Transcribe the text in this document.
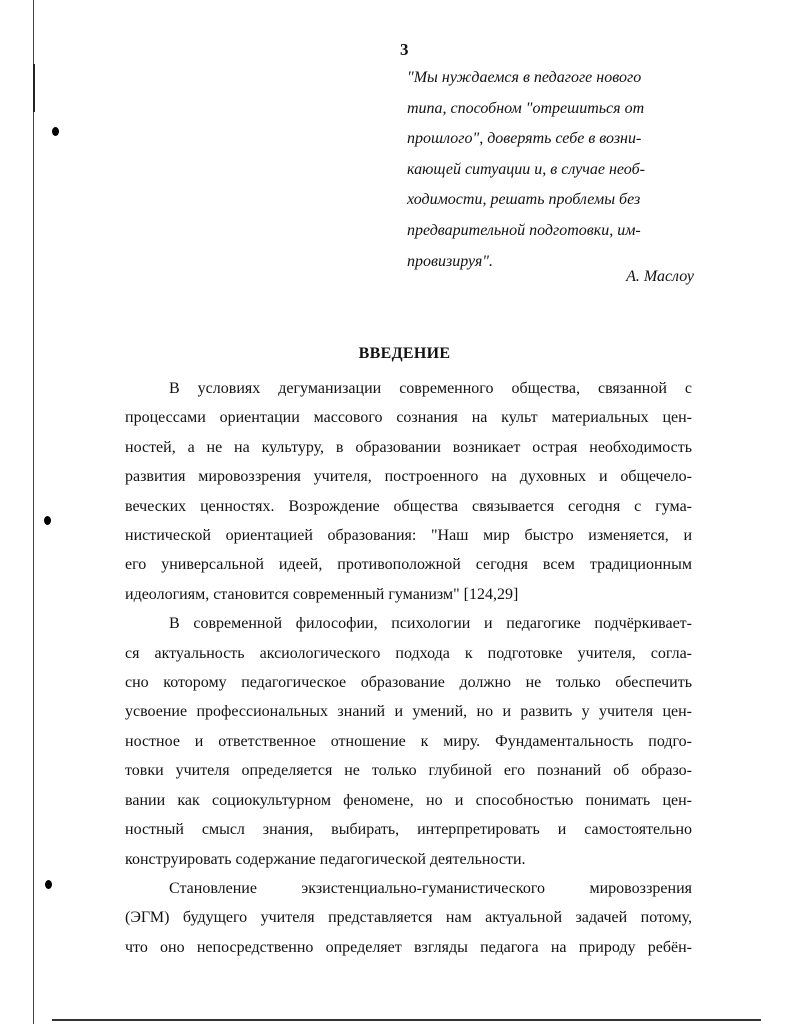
3
"Мы нуждаемся в педагоге нового
типа, способном "отрешиться от
прошлого", доверять себе в возни-
кающей ситуации и, в случае необ-
ходимости, решать проблемы без
предварительной подготовки, им-
провизируя".
А. Маслоу
ВВЕДЕНИЕ
В условиях дегуманизации современного общества, связанной с
процессами ориентации массового сознания на культ материальных цен-
ностей, а не на культуру, в образовании возникает острая необходимость
развития мировоззрения учителя, построенного на духовных и общечело-
веческих ценностях. Возрождение общества связывается сегодня с гума-
нистической ориентацией образования: "Наш мир быстро изменяется, и
его универсальной идеей, противоположной сегодня всем традиционным
идеологиям, становится современный гуманизм" [124,29]
В современной философии, психологии и педагогике подчёркивает-
ся актуальность аксиологического подхода к подготовке учителя, согла-
сно которому педагогическое образование должно не только обеспечить
усвоение профессиональных знаний и умений, но и развить у учителя цен-
ностное и ответственное отношение к миру. Фундаментальность подго-
товки учителя определяется не только глубиной его познаний об образо-
вании как социокультурном феномене, но и способностью понимать цен-
ностный смысл знания, выбирать, интерпретировать и самостоятельно
конструировать содержание педагогической деятельности.
Становление экзистенциально-гуманистического мировоззрения
(ЭГМ) будущего учителя представляется нам актуальной задачей потому,
что оно непосредственно определяет взгляды педагога на природу ребён-
